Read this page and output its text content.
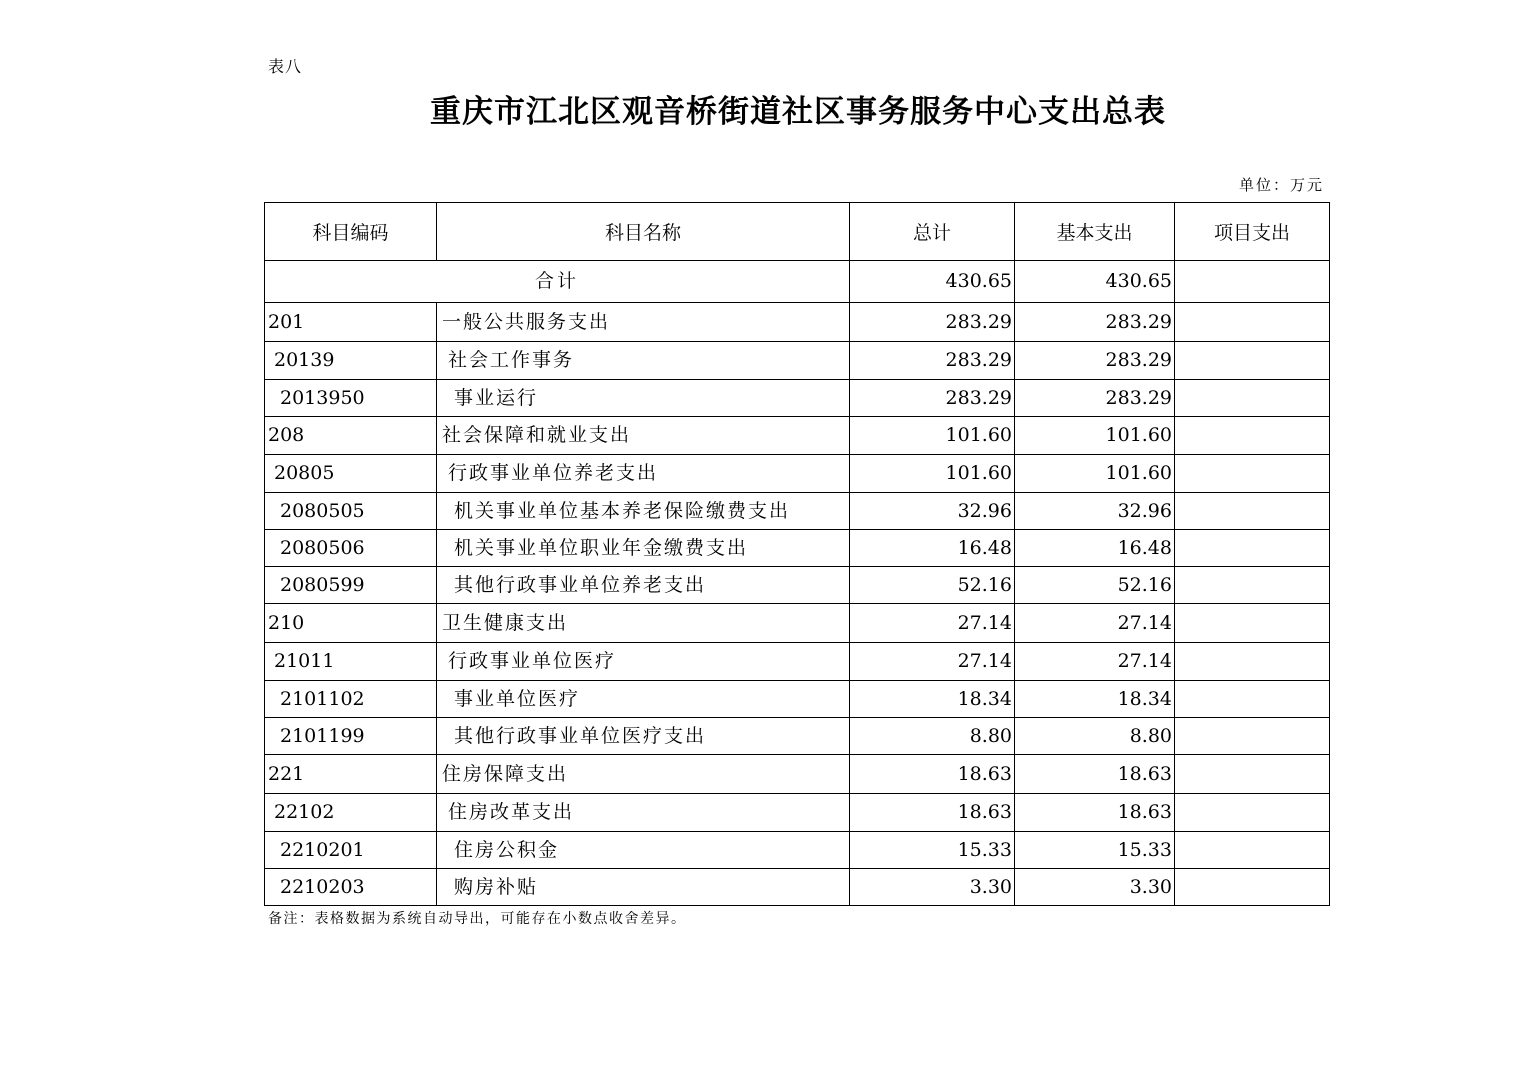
表八
重庆市江北区观音桥街道社区事务服务中心支出总表
单位：万元
科目编码	科目名称	总计	基本支出	项目支出
合计		430.65	430.65	
201	一般公共服务支出	283.29	283.29	
20139	社会工作事务	283.29	283.29	
2013950	事业运行	283.29	283.29	
208	社会保障和就业支出	101.60	101.60	
20805	行政事业单位养老支出	101.60	101.60	
2080505	机关事业单位基本养老保险缴费支出	32.96	32.96	
2080506	机关事业单位职业年金缴费支出	16.48	16.48	
2080599	其他行政事业单位养老支出	52.16	52.16	
210	卫生健康支出	27.14	27.14	
21011	行政事业单位医疗	27.14	27.14	
2101102	事业单位医疗	18.34	18.34	
2101199	其他行政事业单位医疗支出	8.80	8.80	
221	住房保障支出	18.63	18.63	
22102	住房改革支出	18.63	18.63	
2210201	住房公积金	15.33	15.33	
2210203	购房补贴	3.30	3.30	
备注：表格数据为系统自动导出，可能存在小数点收舍差异。
